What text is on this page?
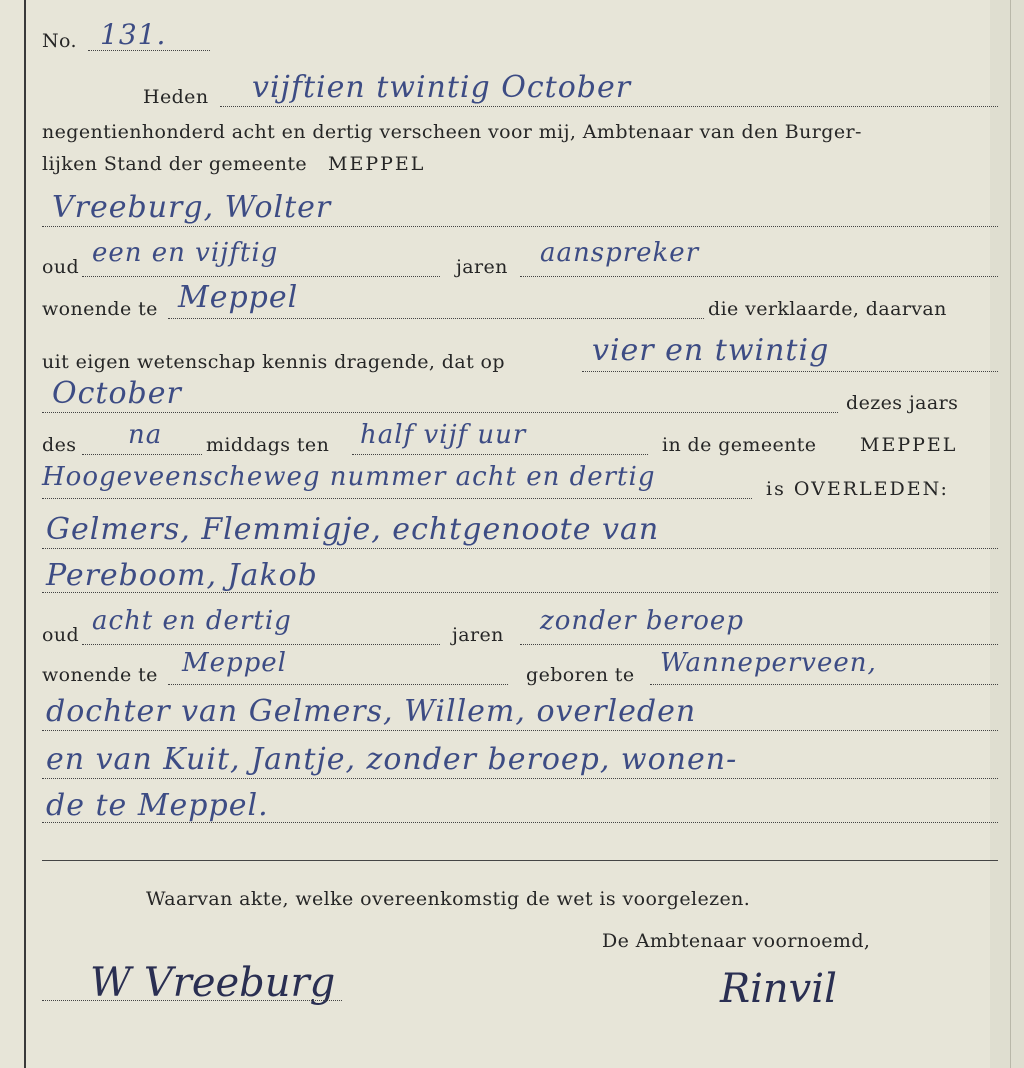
No. 131.
Heden vijftien twintig October
negentienhonderd acht en dertig verscheen voor mij, Ambtenaar van den Burger-
lijken Stand der gemeente MEPPEL
Vreeburg, Wolter
oud een en vijftig	jaren aanspreker
wonende te Meppel	die verklaarde, daarvan
uit eigen wetenschap kennis dragende, dat op	vier en twintig
October	dezes jaars
des na middags ten half vijf uur	in de gemeente MEPPEL
Hoogeveenscheweg nummer acht en dertig	is OVERLEDEN:
Gelmers, Flemmigje, echtgenoote van
Pereboom, Jakob
oud acht en dertig	jaren zonder beroep
wonende te Meppel	geboren te Wanneperveen,
dochter van Gelmers, Willem, overleden
en van Kuit, Jantje, zonder beroep, wonen-
de te Meppel.
Waarvan akte, welke overeenkomstig de wet is voorgelezen.
De Ambtenaar voornoemd,
W Vreeburg	Rinvil
